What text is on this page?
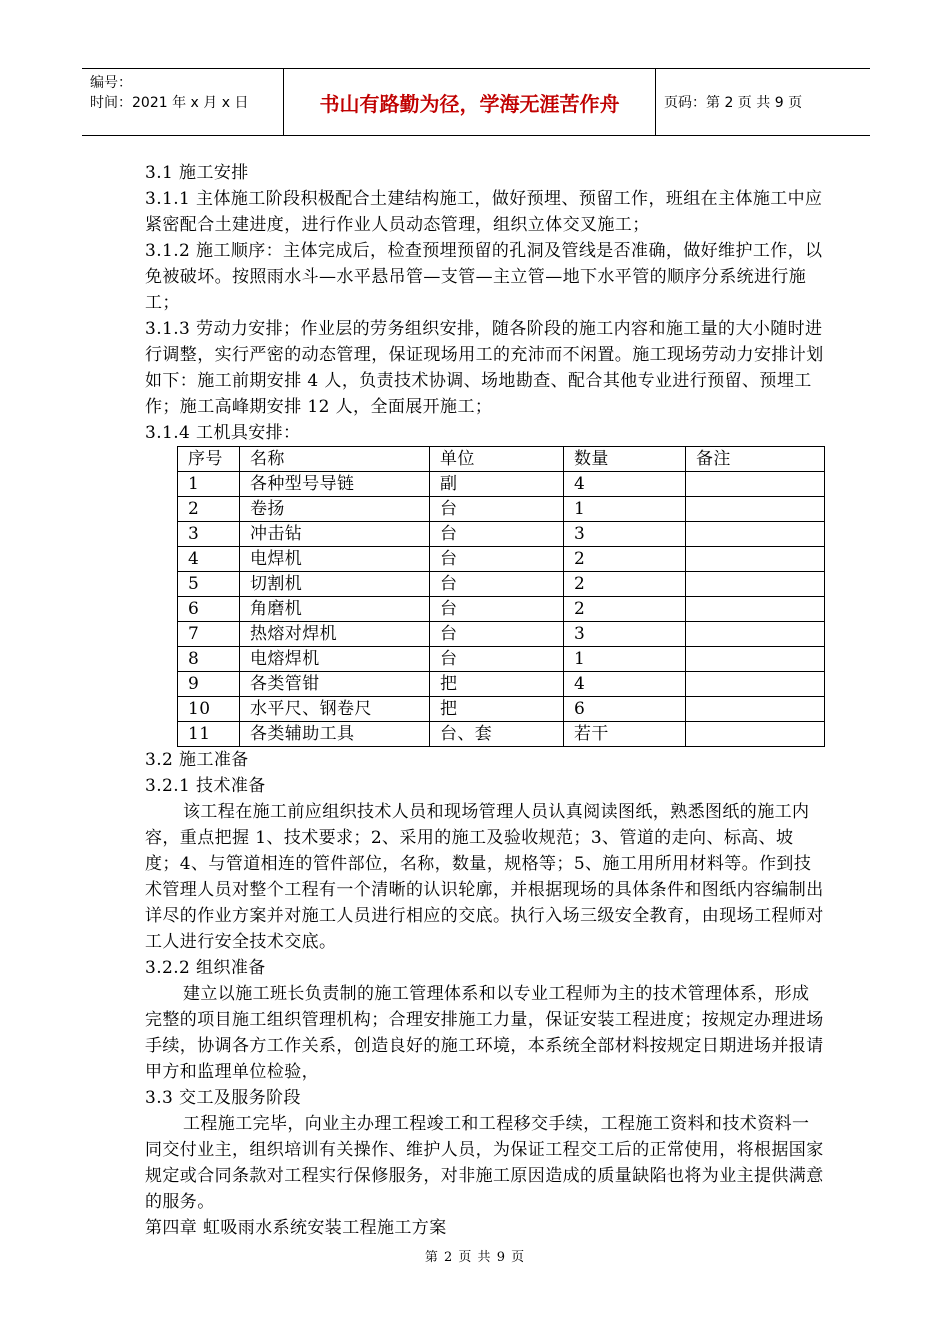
编号：
时间：2021 年 x 月 x 日	书山有路勤为径，学海无涯苦作舟	页码：第 2 页 共 9 页

3.1 施工安排

3.1.1 主体施工阶段积极配合土建结构施工，做好预埋、预留工作，班组在主体施工中应紧密配合土建进度，进行作业人员动态管理，组织立体交叉施工；

3.1.2 施工顺序：主体完成后，检查预埋预留的孔洞及管线是否准确，做好维护工作，以免被破坏。按照雨水斗—水平悬吊管—支管—主立管—地下水平管的顺序分系统进行施工；

3.1.3 劳动力安排；作业层的劳务组织安排，随各阶段的施工内容和施工量的大小随时进行调整，实行严密的动态管理，保证现场用工的充沛而不闲置。施工现场劳动力安排计划如下：施工前期安排 4 人，负责技术协调、场地勘查、配合其他专业进行预留、预埋工作；施工高峰期安排 12 人，全面展开施工；

3.1.4 工机具安排：

序号	名称	单位	数量	备注
1	各种型号导链	副	4	
2	卷扬	台	1	
3	冲击钻	台	3	
4	电焊机	台	2	
5	切割机	台	2	
6	角磨机	台	2	
7	热熔对焊机	台	3	
8	电熔焊机	台	1	
9	各类管钳	把	4	
10	水平尺、钢卷尺	把	6	
11	各类辅助工具	台、套	若干	

3.2 施工准备

3.2.1 技术准备

该工程在施工前应组织技术人员和现场管理人员认真阅读图纸，熟悉图纸的施工内容，重点把握 1、技术要求；2、采用的施工及验收规范；3、管道的走向、标高、坡度；4、与管道相连的管件部位，名称，数量，规格等；5、施工用所用材料等。作到技术管理人员对整个工程有一个清晰的认识轮廓，并根据现场的具体条件和图纸内容编制出详尽的作业方案并对施工人员进行相应的交底。执行入场三级安全教育，由现场工程师对工人进行安全技术交底。

3.2.2 组织准备

建立以施工班长负责制的施工管理体系和以专业工程师为主的技术管理体系，形成完整的项目施工组织管理机构；合理安排施工力量，保证安装工程进度；按规定办理进场手续，协调各方工作关系，创造良好的施工环境，本系统全部材料按规定日期进场并报请甲方和监理单位检验，

3.3 交工及服务阶段

工程施工完毕，向业主办理工程竣工和工程移交手续，工程施工资料和技术资料一同交付业主，组织培训有关操作、维护人员，为保证工程交工后的正常使用，将根据国家规定或合同条款对工程实行保修服务，对非施工原因造成的质量缺陷也将为业主提供满意的服务。

第四章 虹吸雨水系统安装工程施工方案

第 2 页 共 9 页
